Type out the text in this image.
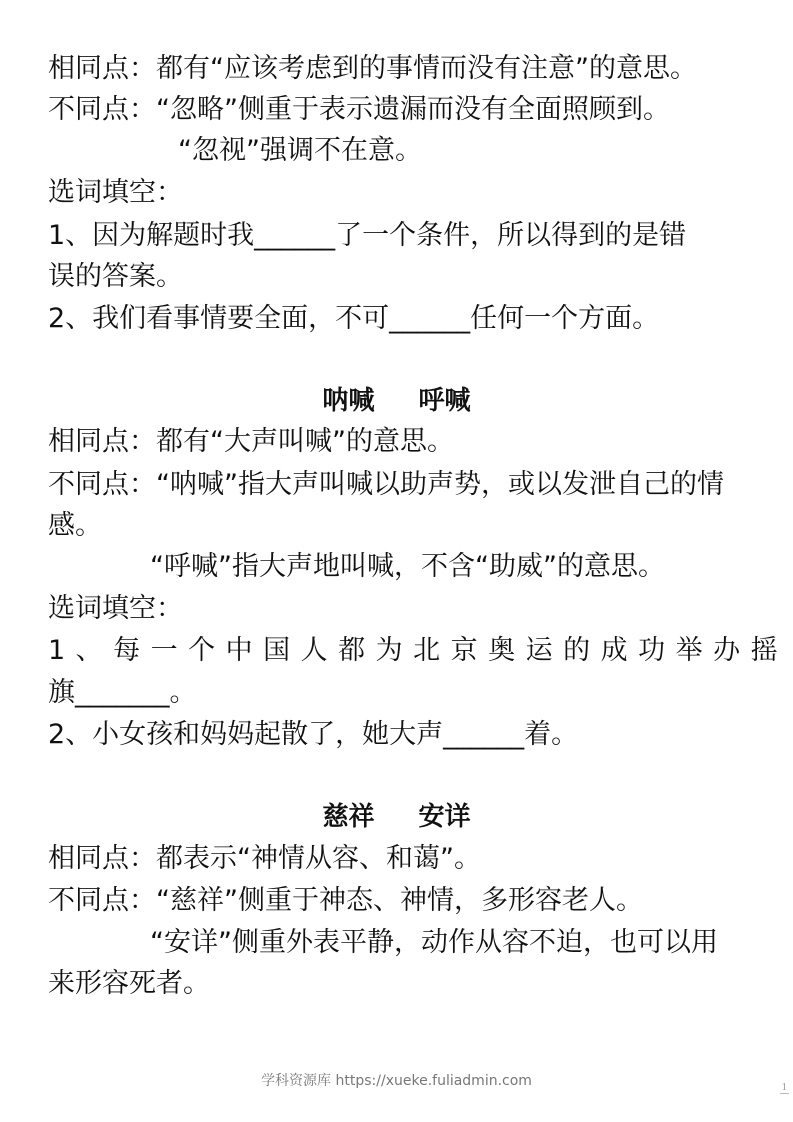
相同点：都有“应该考虑到的事情而没有注意”的意思。
不同点：“忽略”侧重于表示遗漏而没有全面照顾到。
“忽视”强调不在意。
选词填空：
1、因为解题时我______了一个条件，所以得到的是错
误的答案。
2、我们看事情要全面，不可______任何一个方面。
呐喊 呼喊
相同点：都有“大声叫喊”的意思。
不同点：“呐喊”指大声叫喊以助声势，或以发泄自己的情
感。
“呼喊”指大声地叫喊，不含“助威”的意思。
选词填空：
1、每一个中国人都为北京奥运的成功举办摇
旗_______。
2、小女孩和妈妈起散了，她大声______着。
慈祥 安详
相同点：都表示“神情从容、和蔼”。
不同点：“慈祥”侧重于神态、神情，多形容老人。
“安详”侧重外表平静，动作从容不迫，也可以用
来形容死者。
学科资源库 https://xueke.fuliadmin.com	1
